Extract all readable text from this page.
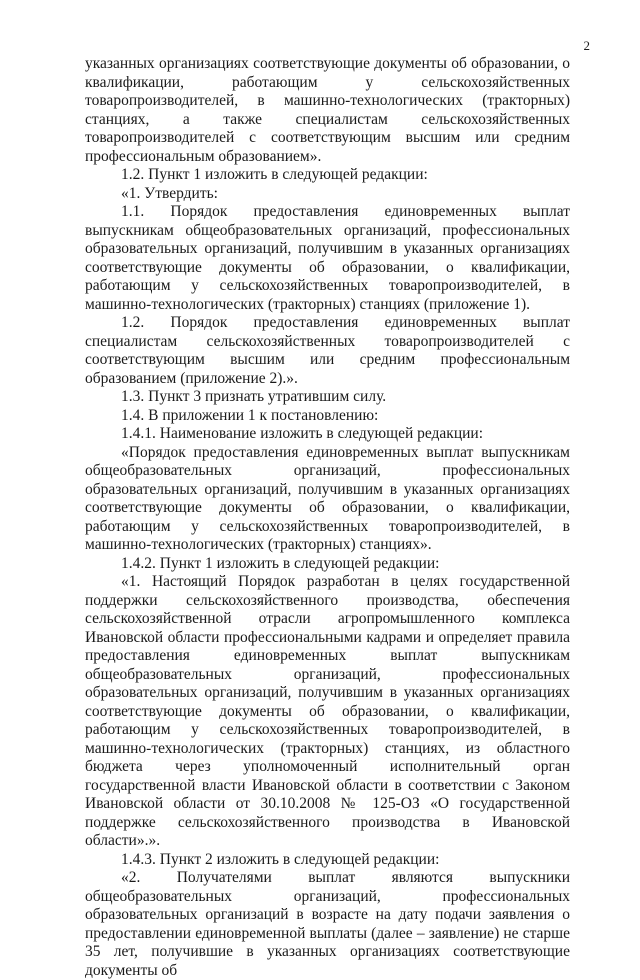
2

указанных организациях соответствующие документы об образовании, о квалификации, работающим у сельскохозяйственных товаропроизводителей, в машинно-технологических (тракторных) станциях, а также специалистам сельскохозяйственных товаропроизводителей с соответствующим высшим или средним профессиональным образованием».

1.2. Пункт 1 изложить в следующей редакции:

«1. Утвердить:

1.1. Порядок предоставления единовременных выплат выпускникам общеобразовательных организаций, профессиональных образовательных организаций, получившим в указанных организациях соответствующие документы об образовании, о квалификации, работающим у сельскохозяйственных товаропроизводителей, в машинно-технологических (тракторных) станциях (приложение 1).

1.2. Порядок предоставления единовременных выплат специалистам сельскохозяйственных товаропроизводителей с соответствующим высшим или средним профессиональным образованием (приложение 2).».

1.3. Пункт 3 признать утратившим силу.

1.4. В приложении 1 к постановлению:

1.4.1. Наименование изложить в следующей редакции:

«Порядок предоставления единовременных выплат выпускникам общеобразовательных организаций, профессиональных образовательных организаций, получившим в указанных организациях соответствующие документы об образовании, о квалификации, работающим у сельскохозяйственных товаропроизводителей, в машинно-технологических (тракторных) станциях».

1.4.2. Пункт 1 изложить в следующей редакции:

«1. Настоящий Порядок разработан в целях государственной поддержки сельскохозяйственного производства, обеспечения сельскохозяйственной отрасли агропромышленного комплекса Ивановской области профессиональными кадрами и определяет правила предоставления единовременных выплат выпускникам общеобразовательных организаций, профессиональных образовательных организаций, получившим в указанных организациях соответствующие документы об образовании, о квалификации, работающим у сельскохозяйственных товаропроизводителей, в машинно-технологических (тракторных) станциях, из областного бюджета через уполномоченный исполнительный орган государственной власти Ивановской области в соответствии с Законом Ивановской области от 30.10.2008 № 125-ОЗ «О государственной поддержке сельскохозяйственного производства в Ивановской области».».

1.4.3. Пункт 2 изложить в следующей редакции:

«2. Получателями выплат являются выпускники общеобразовательных организаций, профессиональных образовательных организаций в возрасте на дату подачи заявления о предоставлении единовременной выплаты (далее – заявление) не старше 35 лет, получившие в указанных организациях соответствующие документы об
